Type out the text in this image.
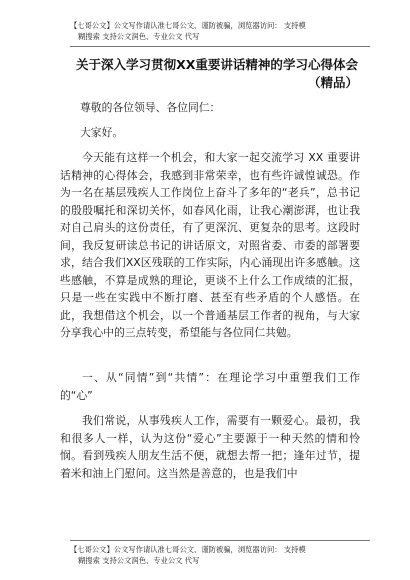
【七哥公文】公文写作请认准七哥公文、谨防被骗，浏览器访问： 支持模
糊搜索 支持公文润色、专业公文 代写
关于深入学习贯彻XX重要讲话精神的学习心得体会（精品）
尊敬的各位领导、各位同仁：
大家好。
今天能有这样一个机会，和大家一起交流学习 XX 重要讲话精神的心得体会，我感到非常荣幸，也有些许诚惶诚恐。作为一名在基层残疾人工作岗位上奋斗了多年的“老兵”，总书记的殷殷嘱托和深切关怀，如春风化雨，让我心潮澎湃，也让我对自己肩头的这份责任，有了更深沉、更复杂的思考。这段时间，我反复研读总书记的讲话原文，对照省委、市委的部署要求，结合我们XX区残联的工作实际，内心涌现出许多感触。这些感触，不算是成熟的理论，更谈不上什么工作成绩的汇报，只是一些在实践中不断打磨、甚至有些矛盾的个人感悟。在此，我想借这个机会，以一个普通基层工作者的视角，与大家分享我心中的三点转变，希望能与各位同仁共勉。
一、从“同情”到“共情”：在理论学习中重塑我们工作的“心”
我们常说，从事残疾人工作，需要有一颗爱心。最初，我和很多人一样，认为这份“爱心”主要源于一种天然的情和怜悯。看到残疾人朋友生活不便，就想去帮一把；逢年过节，提着米和油上门慰问。这当然是善意的，也是我们中
【七哥公文】公文写作请认准七哥公文、谨防被骗，浏览器访问： 支持模
糊搜索 支持公文润色、专业公文 代写
